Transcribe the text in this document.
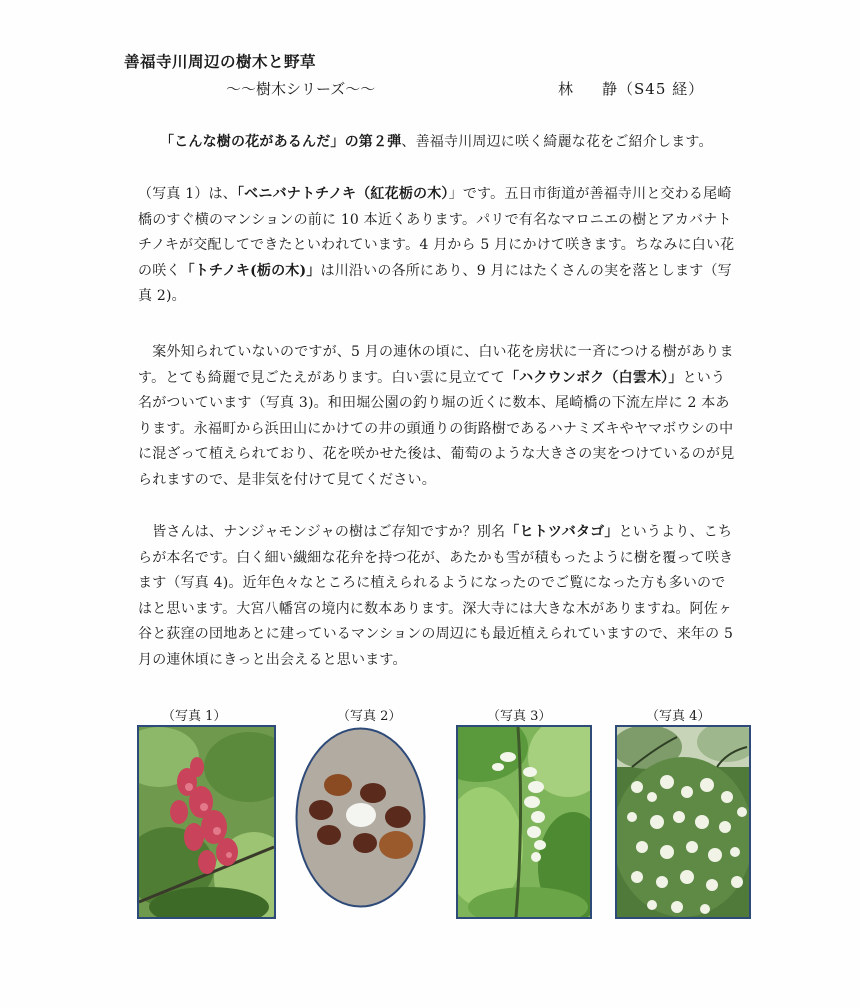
善福寺川周辺の樹木と野草
〜〜樹木シリーズ〜〜	林 静（S45 経）
「こんな樹の花があるんだ」の第２弾、善福寺川周辺に咲く綺麗な花をご紹介します。
（写真 1）は、「ベニバナトチノキ（紅花栃の木）」です。五日市街道が善福寺川と交わる尾崎橋のすぐ横のマンションの前に 10 本近くあります。パリで有名なマロニエの樹とアカバナトチノキが交配してできたといわれています。4 月から 5 月にかけて咲きます。ちなみに白い花の咲く「トチノキ(栃の木)」は川沿いの各所にあり、9 月にはたくさんの実を落とします（写真 2)。
　案外知られていないのですが、5 月の連休の頃に、白い花を房状に一斉につける樹があります。とても綺麗で見ごたえがあります。白い雲に見立てて「ハクウンボク（白雲木）」という名がついています（写真 3)。和田堀公園の釣り堀の近くに数本、尾崎橋の下流左岸に 2 本あります。永福町から浜田山にかけての井の頭通りの街路樹であるハナミズキやヤマボウシの中に混ざって植えられており、花を咲かせた後は、葡萄のような大きさの実をつけているのが見られますので、是非気を付けて見てください。
　皆さんは、ナンジャモンジャの樹はご存知ですか？別名「ヒトツバタゴ」というより、こちらが本名です。白く細い繊細な花弁を持つ花が、あたかも雪が積もったように樹を覆って咲きます（写真 4)。近年色々なところに植えられるようになったのでご覧になった方も多いのではと思います。大宮八幡宮の境内に数本あります。深大寺には大きな木がありますね。阿佐ヶ谷と荻窪の団地あとに建っているマンションの周辺にも最近植えられていますので、来年の 5 月の連休頃にきっと出会えると思います。
（写真 1）	（写真 2）	（写真 3）	（写真 4）
